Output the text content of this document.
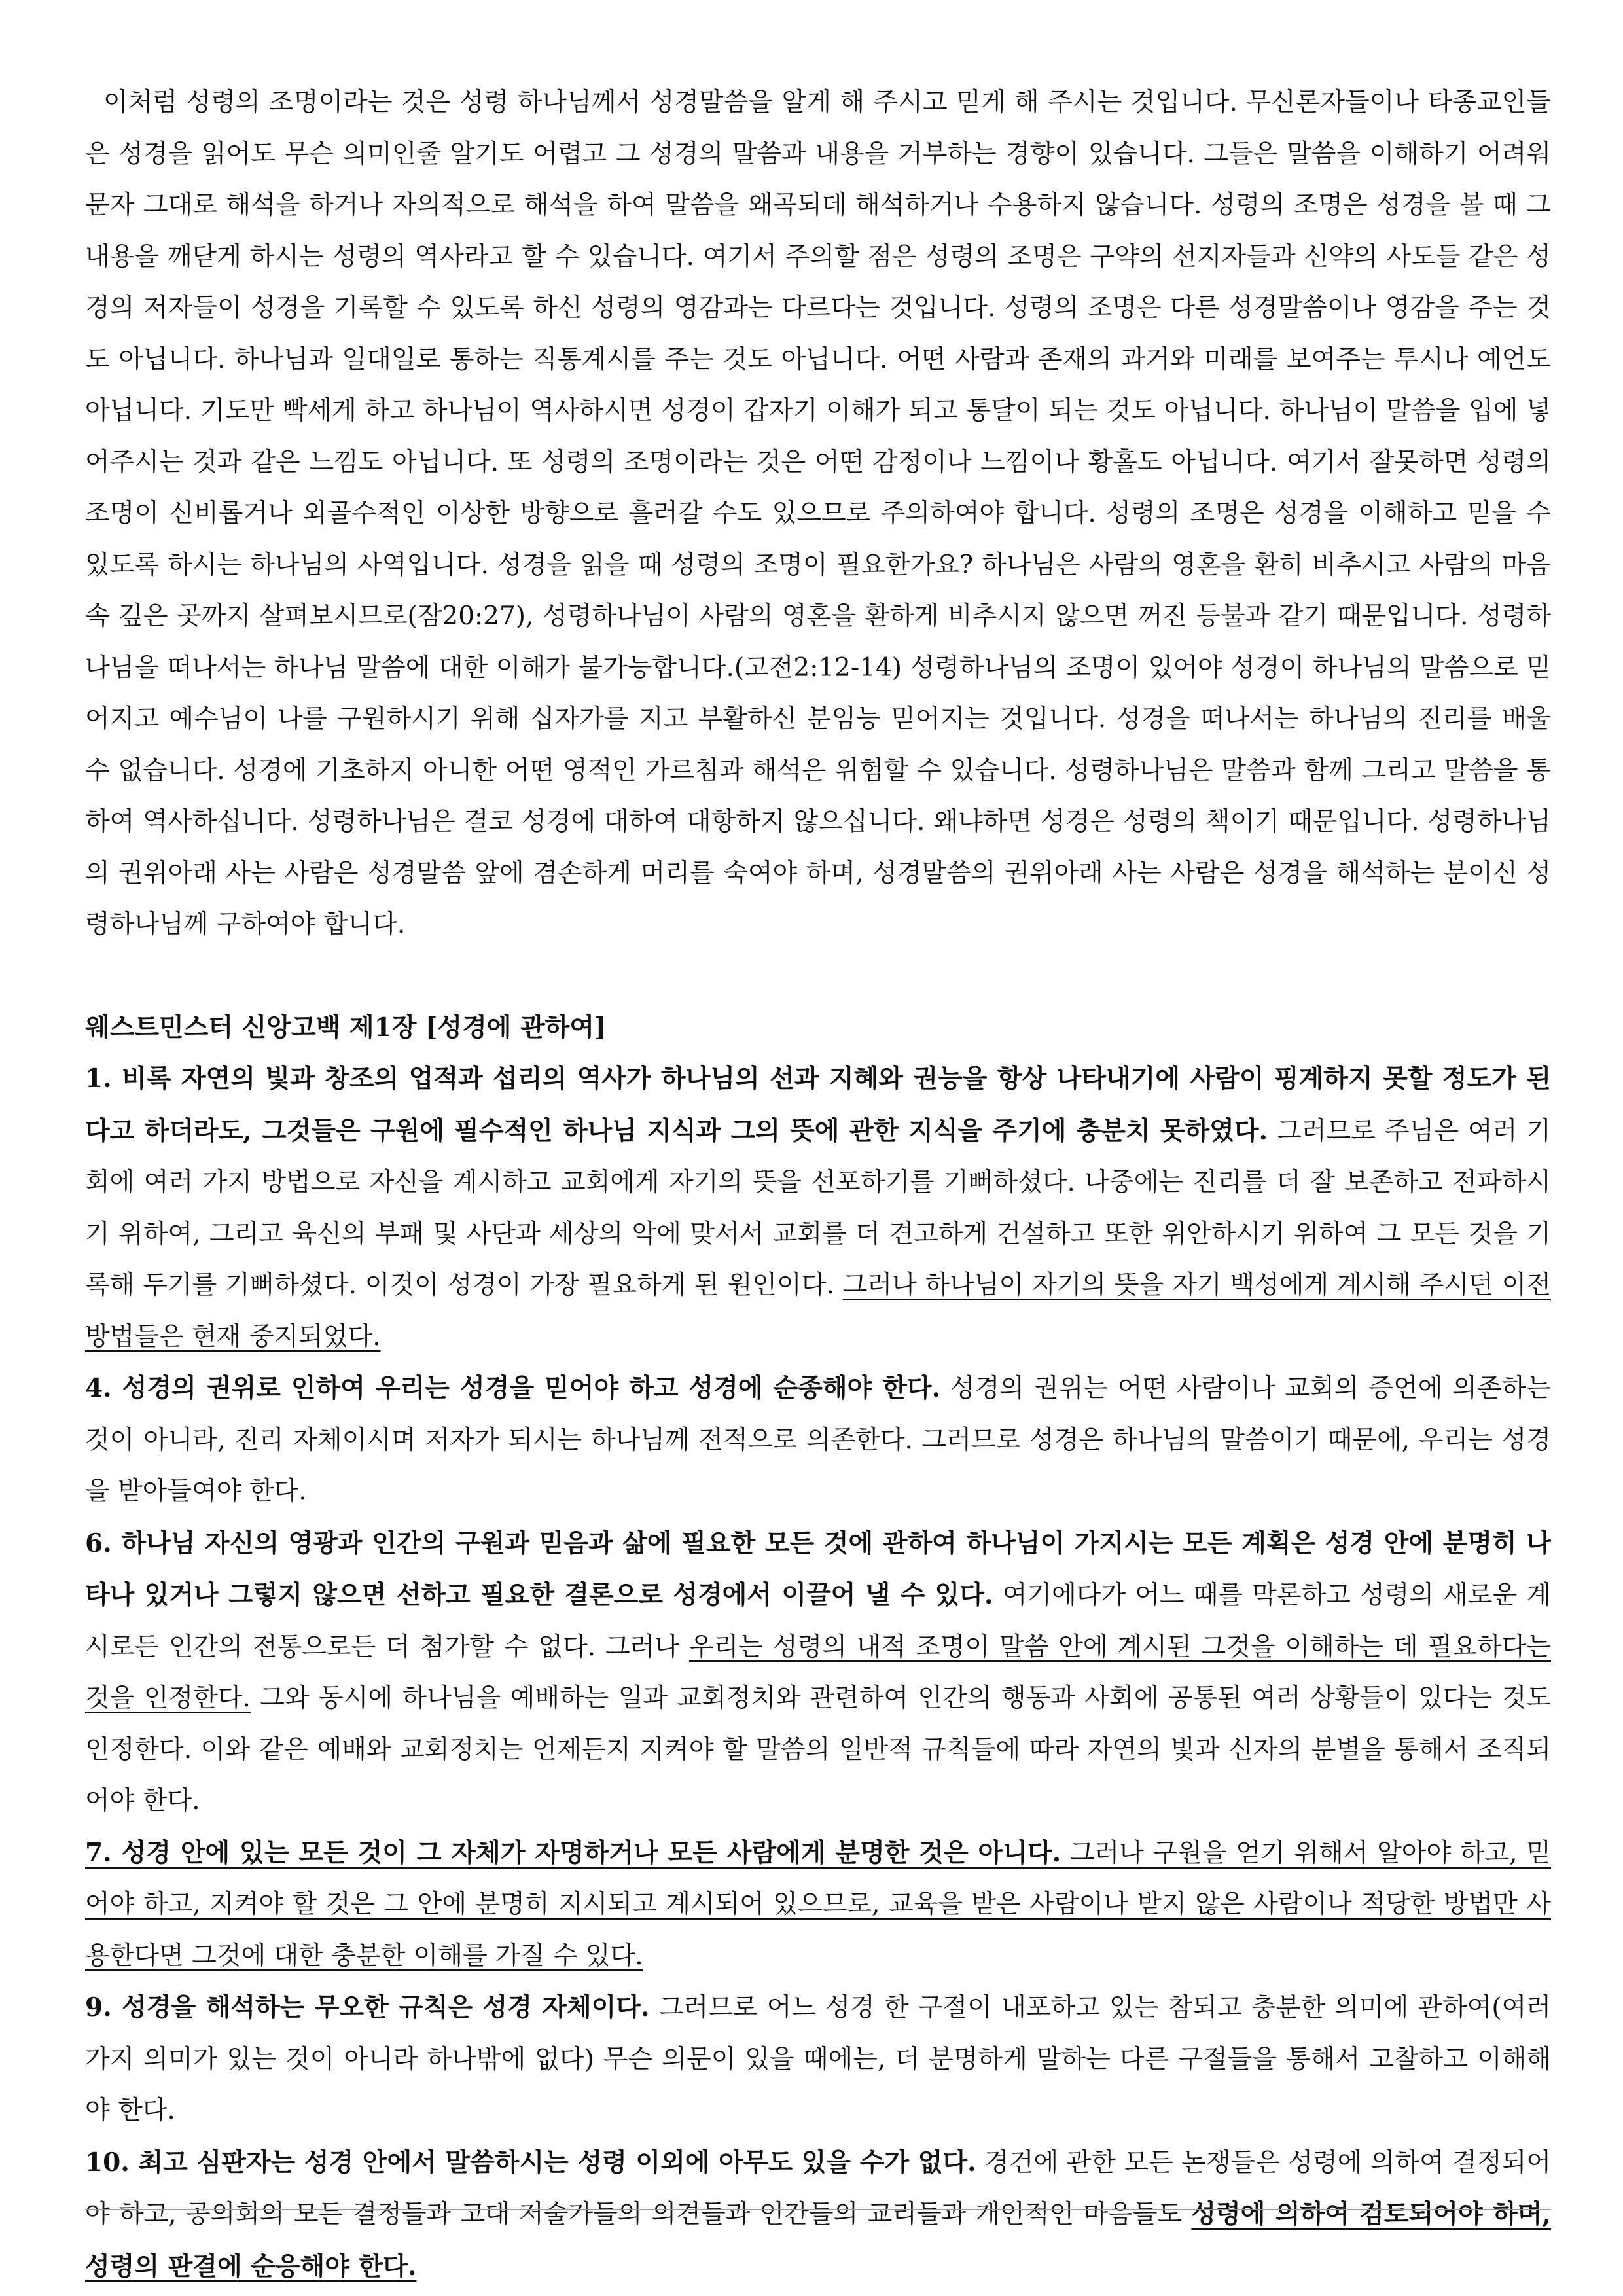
이처럼 성령의 조명이라는 것은 성령 하나님께서 성경말씀을 알게 해 주시고 믿게 해 주시는 것입니다. 무신론자들이나 타종교인들은 성경을 읽어도 무슨 의미인줄 알기도 어렵고 그 성경의 말씀과 내용을 거부하는 경향이 있습니다. 그들은 말씀을 이해하기 어려워 문자 그대로 해석을 하거나 자의적으로 해석을 하여 말씀을 왜곡되데 해석하거나 수용하지 않습니다. 성령의 조명은 성경을 볼 때 그 내용을 깨닫게 하시는 성령의 역사라고 할 수 있습니다. 여기서 주의할 점은 성령의 조명은 구약의 선지자들과 신약의 사도들 같은 성경의 저자들이 성경을 기록할 수 있도록 하신 성령의 영감과는 다르다는 것입니다. 성령의 조명은 다른 성경말씀이나 영감을 주는 것도 아닙니다. 하나님과 일대일로 통하는 직통계시를 주는 것도 아닙니다. 어떤 사람과 존재의 과거와 미래를 보여주는 투시나 예언도 아닙니다. 기도만 빡세게 하고 하나님이 역사하시면 성경이 갑자기 이해가 되고 통달이 되는 것도 아닙니다. 하나님이 말씀을 입에 넣어주시는 것과 같은 느낌도 아닙니다. 또 성령의 조명이라는 것은 어떤 감정이나 느낌이나 황홀도 아닙니다. 여기서 잘못하면 성령의 조명이 신비롭거나 외골수적인 이상한 방향으로 흘러갈 수도 있으므로 주의하여야 합니다. 성령의 조명은 성경을 이해하고 믿을 수 있도록 하시는 하나님의 사역입니다. 성경을 읽을 때 성령의 조명이 필요한가요? 하나님은 사람의 영혼을 환히 비추시고 사람의 마음속 깊은 곳까지 살펴보시므로(잠20:27), 성령하나님이 사람의 영혼을 환하게 비추시지 않으면 꺼진 등불과 같기 때문입니다. 성령하나님을 떠나서는 하나님 말씀에 대한 이해가 불가능합니다.(고전2:12-14) 성령하나님의 조명이 있어야 성경이 하나님의 말씀으로 믿어지고 예수님이 나를 구원하시기 위해 십자가를 지고 부활하신 분임능 믿어지는 것입니다. 성경을 떠나서는 하나님의 진리를 배울 수 없습니다. 성경에 기초하지 아니한 어떤 영적인 가르침과 해석은 위험할 수 있습니다. 성령하나님은 말씀과 함께 그리고 말씀을 통하여 역사하십니다. 성령하나님은 결코 성경에 대하여 대항하지 않으십니다. 왜냐하면 성경은 성령의 책이기 때문입니다. 성령하나님의 권위아래 사는 사람은 성경말씀 앞에 겸손하게 머리를 숙여야 하며, 성경말씀의 권위아래 사는 사람은 성경을 해석하는 분이신 성령하나님께 구하여야 합니다.

웨스트민스터 신앙고백 제1장 [성경에 관하여]

1. 비록 자연의 빛과 창조의 업적과 섭리의 역사가 하나님의 선과 지혜와 권능을 항상 나타내기에 사람이 핑계하지 못할 정도가 된다고 하더라도, 그것들은 구원에 필수적인 하나님 지식과 그의 뜻에 관한 지식을 주기에 충분치 못하였다. 그러므로 주님은 여러 기회에 여러 가지 방법으로 자신을 계시하고 교회에게 자기의 뜻을 선포하기를 기뻐하셨다. 나중에는 진리를 더 잘 보존하고 전파하시기 위하여, 그리고 육신의 부패 및 사단과 세상의 악에 맞서서 교회를 더 견고하게 건설하고 또한 위안하시기 위하여 그 모든 것을 기록해 두기를 기뻐하셨다. 이것이 성경이 가장 필요하게 된 원인이다. 그러나 하나님이 자기의 뜻을 자기 백성에게 계시해 주시던 이전 방법들은 현재 중지되었다.

4. 성경의 권위로 인하여 우리는 성경을 믿어야 하고 성경에 순종해야 한다. 성경의 권위는 어떤 사람이나 교회의 증언에 의존하는 것이 아니라, 진리 자체이시며 저자가 되시는 하나님께 전적으로 의존한다. 그러므로 성경은 하나님의 말씀이기 때문에, 우리는 성경을 받아들여야 한다.

6. 하나님 자신의 영광과 인간의 구원과 믿음과 삶에 필요한 모든 것에 관하여 하나님이 가지시는 모든 계획은 성경 안에 분명히 나타나 있거나 그렇지 않으면 선하고 필요한 결론으로 성경에서 이끌어 낼 수 있다. 여기에다가 어느 때를 막론하고 성령의 새로운 계시로든 인간의 전통으로든 더 첨가할 수 없다. 그러나 우리는 성령의 내적 조명이 말씀 안에 계시된 그것을 이해하는 데 필요하다는 것을 인정한다. 그와 동시에 하나님을 예배하는 일과 교회정치와 관련하여 인간의 행동과 사회에 공통된 여러 상황들이 있다는 것도 인정한다. 이와 같은 예배와 교회정치는 언제든지 지켜야 할 말씀의 일반적 규칙들에 따라 자연의 빛과 신자의 분별을 통해서 조직되어야 한다.

7. 성경 안에 있는 모든 것이 그 자체가 자명하거나 모든 사람에게 분명한 것은 아니다. 그러나 구원을 얻기 위해서 알아야 하고, 믿어야 하고, 지켜야 할 것은 그 안에 분명히 지시되고 계시되어 있으므로, 교육을 받은 사람이나 받지 않은 사람이나 적당한 방법만 사용한다면 그것에 대한 충분한 이해를 가질 수 있다.

9. 성경을 해석하는 무오한 규칙은 성경 자체이다. 그러므로 어느 성경 한 구절이 내포하고 있는 참되고 충분한 의미에 관하여(여러 가지 의미가 있는 것이 아니라 하나밖에 없다) 무슨 의문이 있을 때에는, 더 분명하게 말하는 다른 구절들을 통해서 고찰하고 이해해야 한다.

10. 최고 심판자는 성경 안에서 말씀하시는 성령 이외에 아무도 있을 수가 없다. 경건에 관한 모든 논쟁들은 성령에 의하여 결정되어야 하고, 공의회의 모든 결정들과 고대 저술가들의 의견들과 인간들의 교리들과 개인적인 마음들도 성령에 의하여 검토되어야 하며, 성령의 판결에 순응해야 한다.
